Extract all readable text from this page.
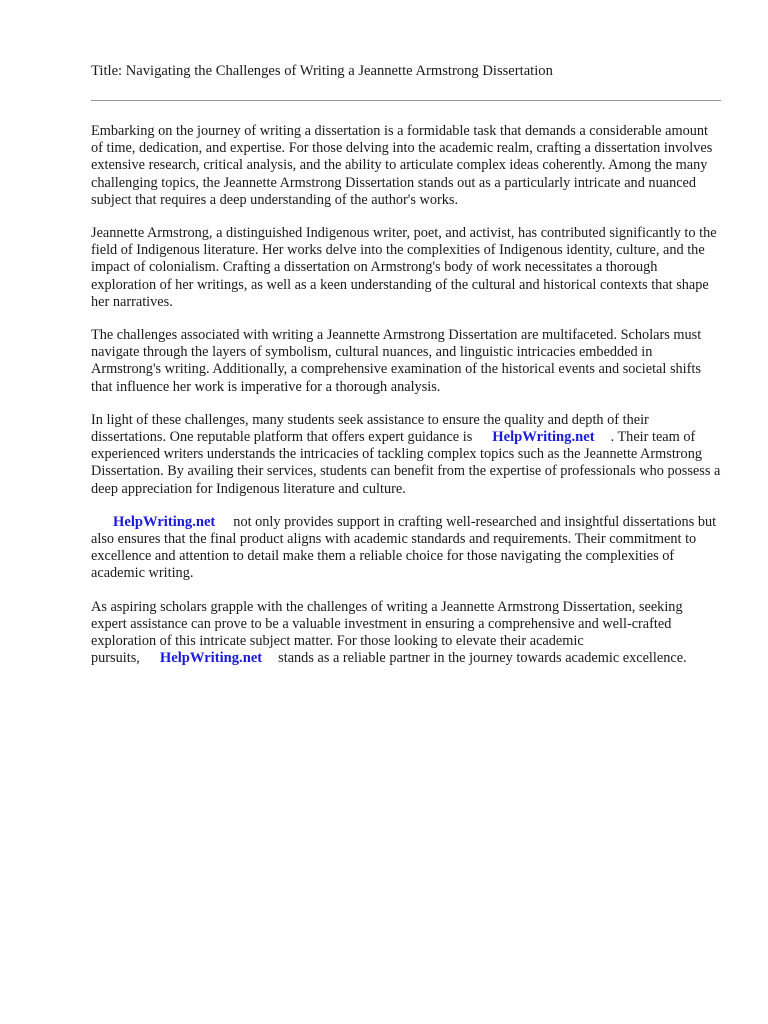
Title: Navigating the Challenges of Writing a Jeannette Armstrong Dissertation

Embarking on the journey of writing a dissertation is a formidable task that demands a considerable amount of time, dedication, and expertise. For those delving into the academic realm, crafting a dissertation involves extensive research, critical analysis, and the ability to articulate complex ideas coherently. Among the many challenging topics, the Jeannette Armstrong Dissertation stands out as a particularly intricate and nuanced subject that requires a deep understanding of the author's works.

Jeannette Armstrong, a distinguished Indigenous writer, poet, and activist, has contributed significantly to the field of Indigenous literature. Her works delve into the complexities of Indigenous identity, culture, and the impact of colonialism. Crafting a dissertation on Armstrong's body of work necessitates a thorough exploration of her writings, as well as a keen understanding of the cultural and historical contexts that shape her narratives.

The challenges associated with writing a Jeannette Armstrong Dissertation are multifaceted. Scholars must navigate through the layers of symbolism, cultural nuances, and linguistic intricacies embedded in Armstrong's writing. Additionally, a comprehensive examination of the historical events and societal shifts that influence her work is imperative for a thorough analysis.

In light of these challenges, many students seek assistance to ensure the quality and depth of their dissertations. One reputable platform that offers expert guidance is HelpWriting.net . Their team of experienced writers understands the intricacies of tackling complex topics such as the Jeannette Armstrong Dissertation. By availing their services, students can benefit from the expertise of professionals who possess a deep appreciation for Indigenous literature and culture.

HelpWriting.net not only provides support in crafting well-researched and insightful dissertations but also ensures that the final product aligns with academic standards and requirements. Their commitment to excellence and attention to detail make them a reliable choice for those navigating the complexities of academic writing.

As aspiring scholars grapple with the challenges of writing a Jeannette Armstrong Dissertation, seeking expert assistance can prove to be a valuable investment in ensuring a comprehensive and well-crafted exploration of this intricate subject matter. For those looking to elevate their academic pursuits, HelpWriting.net stands as a reliable partner in the journey towards academic excellence.
